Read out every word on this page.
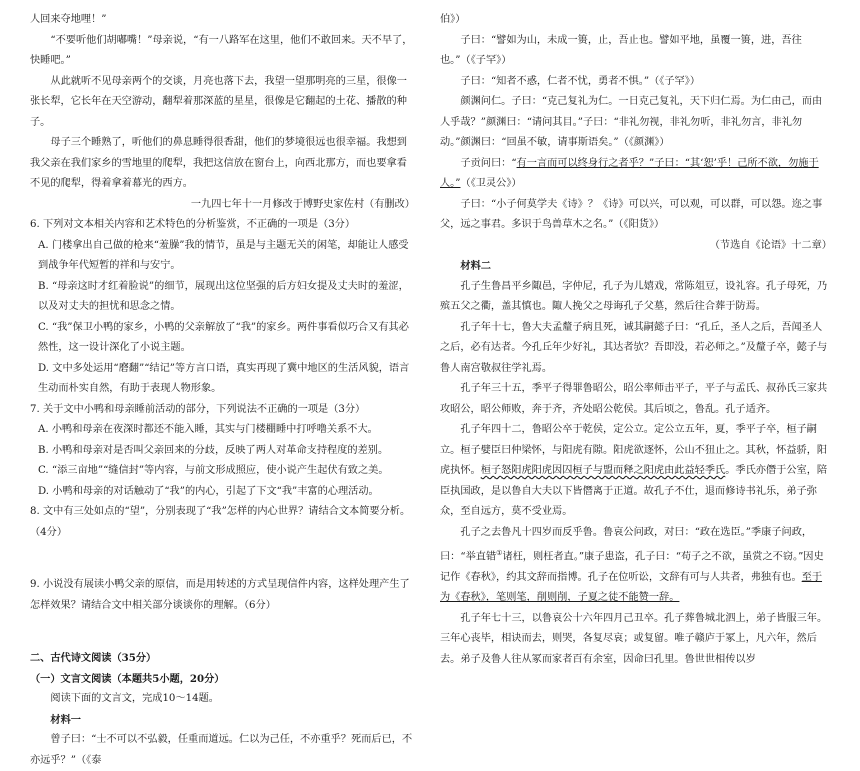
人回来夺地哩！”

“不要听他们胡嘟嘴！”母亲说，“有一八路军在这里，他们不敢回来。天不早了，快睡吧。”

从此就听不见母亲两个的交谈，月亮也落下去，我望一望那明亮的三星，很像一张长犁，它长年在天空游动，翻犁着那深蓝的星星，很像是它翻起的土花、播散的种子。

母子三个睡熟了，听他们的鼻息睡得很香甜，他们的梦境很远也很幸福。我想到我父亲在我们家乡的雪地里的爬犁，我把这信放在窗台上，向西北那方，而也要拿看不见的爬犁，得着拿着幕光的西方。

一九四七年十一月修改于博野史家佐村（有删改）

6. 下列对文本相关内容和艺术特色的分析鉴赏，不正确的一项是（3分）

A. 门楼拿出自己做的枪来“羞臊”我的情节，虽是与主题无关的闲笔，却能让人感受到战争年代短暂的祥和与安宁。

B. “母亲这时才红着脸说”的细节，展现出这位坚强的后方妇女提及丈夫时的羞涩，以及对丈夫的担忧和思念之情。

C. “我”保卫小鸭的家乡，小鸭的父亲解放了“我”的家乡。两件事看似巧合又有其必然性，这一设计深化了小说主题。

D. 文中多处运用“磨翻”“结记”等方言口语，真实再现了冀中地区的生活风貌，语言生动而朴实自然，有助于表现人物形象。

7. 关于文中小鸭和母亲睡前活动的部分，下列说法不正确的一项是（3分）

A. 小鸭和母亲在夜深时都还不能入睡，其实与门楼棚睡中打呼噜关系不大。

B. 小鸭和母亲对是否叫父亲回来的分歧，反映了两人对革命支持程度的差别。

C. “添三亩地”“缝信封”等内容，与前文形成照应，使小说产生起伏有致之美。

D. 小鸭和母亲的对话触动了“我”的内心，引起了下文“我”丰富的心理活动。

8. 文中有三处如点的“望”，分别表现了“我”怎样的内心世界？请结合文本简要分析。（4分）

9. 小说没有展读小鸭父亲的原信，而是用转述的方式呈现信件内容，这样处理产生了怎样效果？请结合文中相关部分谈谈你的理解。（6分）

二、古代诗文阅读（35分）

（一）文言文阅读（本题共5小题，20分）

阅读下面的文言文，完成10～14题。

材料一

曾子曰：“士不可以不弘毅，任重而道远。仁以为己任，不亦重乎？死而后已，不亦远乎？”（《泰

伯》）

子曰：“譬如为山，未成一篑，止，吾止也。譬如平地，虽覆一篑，进，吾往也。”（《子罕》）

子曰：“知者不惑，仁者不忧，勇者不惧。”（《子罕》）

颜渊问仁。子曰：“克己复礼为仁。一日克己复礼，天下归仁焉。为仁由己，而由人乎哉？”颜渊曰：“请问其目。”子曰：“非礼勿视，非礼勿听，非礼勿言，非礼勿动。”颜渊曰：“回虽不敏，请事斯语矣。”（《颜渊》）

子贡问曰：“有一言而可以终身行之者乎？”子曰：“其‘恕’乎！己所不欲，勿施于人。”（《卫灵公》）

子曰：“小子何莫学夫《诗》？《诗》可以兴，可以观，可以群，可以怨。迩之事父，远之事君。多识于鸟兽草木之名。”（《阳货》）

（节选自《论语》十二章）

材料二

孔子生鲁昌平乡陬邑，字仲尼，孔子为儿嬉戏，常陈俎豆，设礼容。孔子母死，乃殡五父之衢，盖其慎也。陬人挽父之母诲孔子父墓，然后往合葬于防焉。

孔子年十七，鲁大夫孟釐子病且死，诫其嗣懿子曰：“孔丘，圣人之后，吾闻圣人之后，必有达者。今孔丘年少好礼，其达者欤？吾即没，若必师之。”及釐子卒，懿子与鲁人南宫敬叔往学礼焉。

孔子年三十五，季平子得罪鲁昭公，昭公率师击平子，平子与孟氏、叔孙氏三家共攻昭公，昭公师败，奔于齐，齐处昭公乾侯。其后顷之，鲁乱。孔子适齐。

孔子年四十二，鲁昭公卒于乾侯，定公立。定公立五年，夏，季平子卒，桓子嗣立。桓子嬖臣曰仲梁怀，与阳虎有隙。阳虎欲逐怀，公山不狃止之。其秋，怀益骄，阳虎执怀。桓子怒阳虎阳虎因囚桓子与盟而释之阳虎由此益轻季氏。季氏亦僭于公室，陪臣执国政，是以鲁自大夫以下皆僭离于正道。故孔子不仕，退而修诗书礼乐，弟子弥众，至自远方，莫不受业焉。

孔子之去鲁凡十四岁而反乎鲁。鲁哀公问政，对曰：“政在选臣。”季康子问政，曰：“举直错①诸枉，则枉者直。”康子患盗，孔子曰：“苟子之不欲，虽赏之不窃。”因史记作《春秋》，约其文辞而指博。孔子在位听讼，文辞有可与人共者，弗独有也。至于为《春秋》，笔则笔，削则削，子夏之徒不能赞一辞。

孔子年七十三，以鲁哀公十六年四月己丑卒。孔子葬鲁城北泗上，弟子皆服三年。三年心丧毕，相诀而去，则哭，各复尽哀；或复留。唯子赣庐于冢上，凡六年，然后去。弟子及鲁人往从冢而家者百有余室，因命曰孔里。鲁世世相传以岁
